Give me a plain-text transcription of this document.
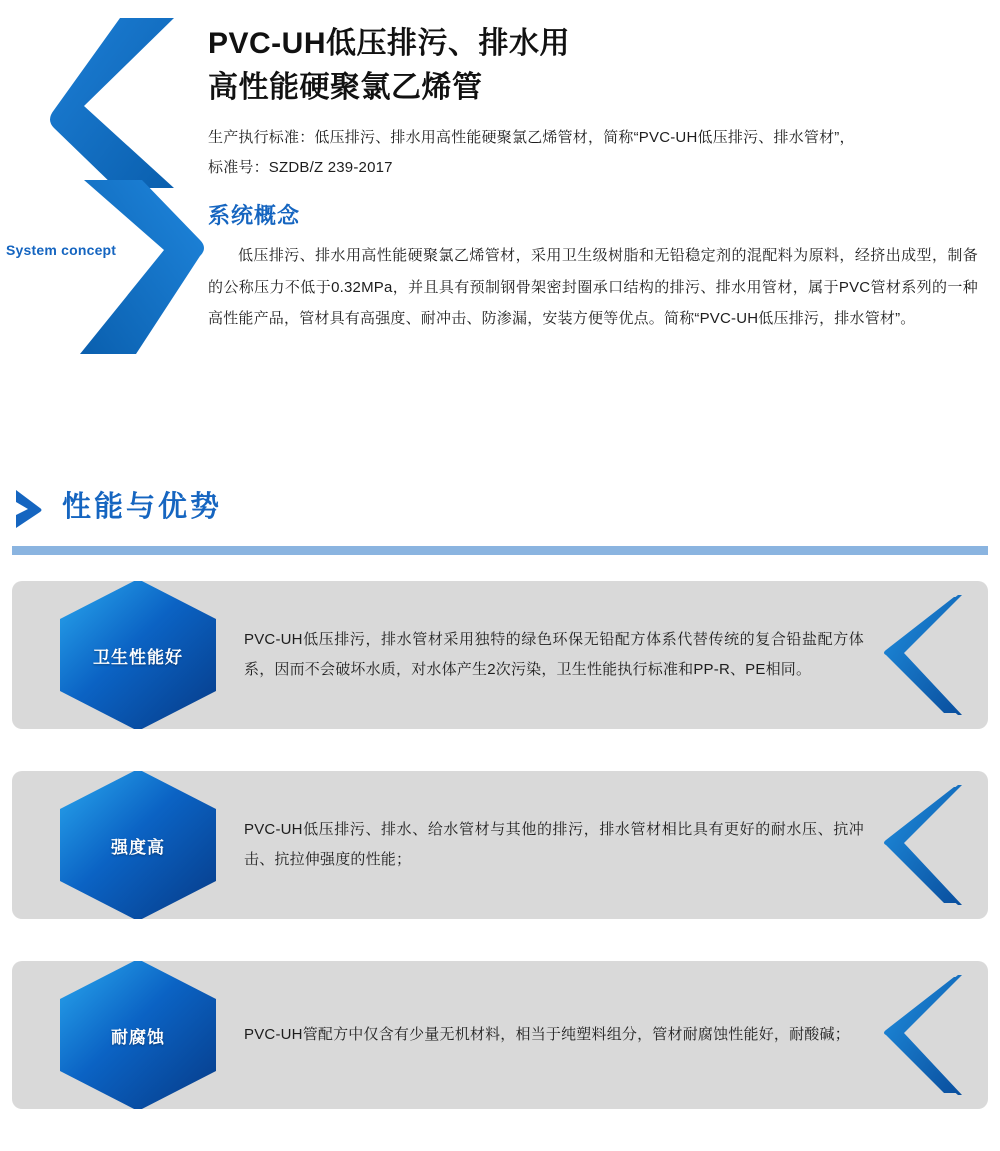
System concept
PVC-UH低压排污、排水用
高性能硬聚氯乙烯管
生产执行标准：低压排污、排水用高性能硬聚氯乙烯管材，简称“PVC-UH低压排污、排水管材”，
标准号：SZDB/Z 239-2017
系统概念
低压排污、排水用高性能硬聚氯乙烯管材，采用卫生级树脂和无铅稳定剂的混配料为原料，经挤出成型，制备的公称压力不低于0.32MPa，并且具有预制钢骨架密封圈承口结构的排污、排水用管材，属于PVC管材系列的一种高性能产品，管材具有高强度、耐冲击、防渗漏，安装方便等优点。简称“PVC-UH低压排污，排水管材”。
性能与优势
卫生性能好
PVC-UH低压排污，排水管材采用独特的绿色环保无铅配方体系代替传统的复合铅盐配方体系，因而不会破坏水质，对水体产生2次污染，卫生性能执行标准和PP-R、PE相同。
强度高
PVC-UH低压排污、排水、给水管材与其他的排污，排水管材相比具有更好的耐水压、抗冲击、抗拉伸强度的性能；
耐腐蚀	PVC-UH管配方中仅含有少量无机材料，相当于纯塑料组分，管材耐腐蚀性能好，耐酸碱；
